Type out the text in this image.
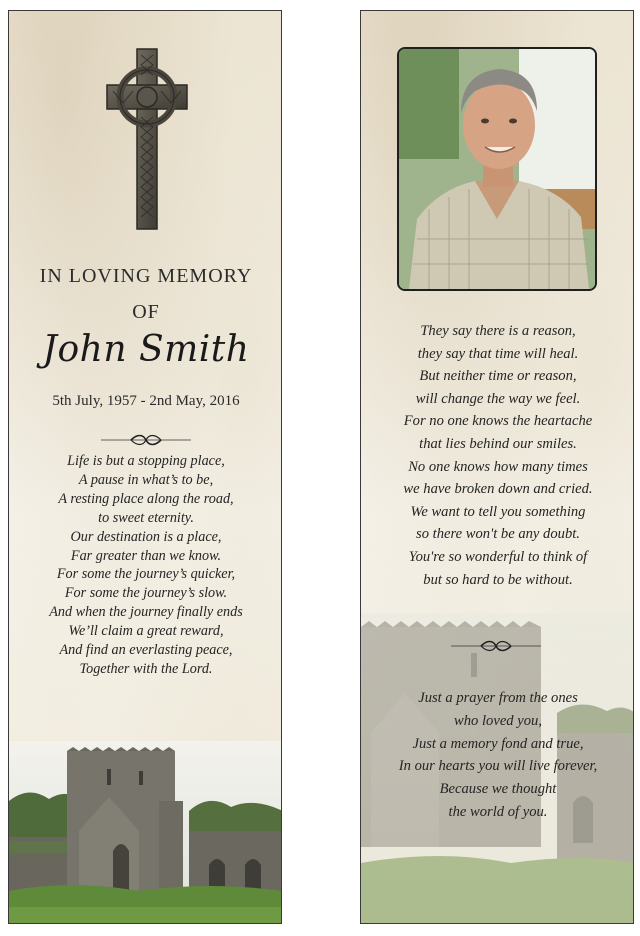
IN LOVING MEMORY
OF
John Smith
5th July, 1957 - 2nd May, 2016
Life is but a stopping place,
A pause in what’s to be,
A resting place along the road,
to sweet eternity.
Our destination is a place,
Far greater than we know.
For some the journey’s quicker,
For some the journey’s slow.
And when the journey finally ends
We’ll claim a great reward,
And find an everlasting peace,
Together with the Lord.
They say there is a reason,
they say that time will heal.
But neither time or reason,
will change the way we feel.
For no one knows the heartache
that lies behind our smiles.
No one knows how many times
we have broken down and cried.
We want to tell you something
so there won't be any doubt.
You're so wonderful to think of
but so hard to be without.
Just a prayer from the ones
who loved you,
Just a memory fond and true,
In our hearts you will live forever,
Because we thought
the world of you.
